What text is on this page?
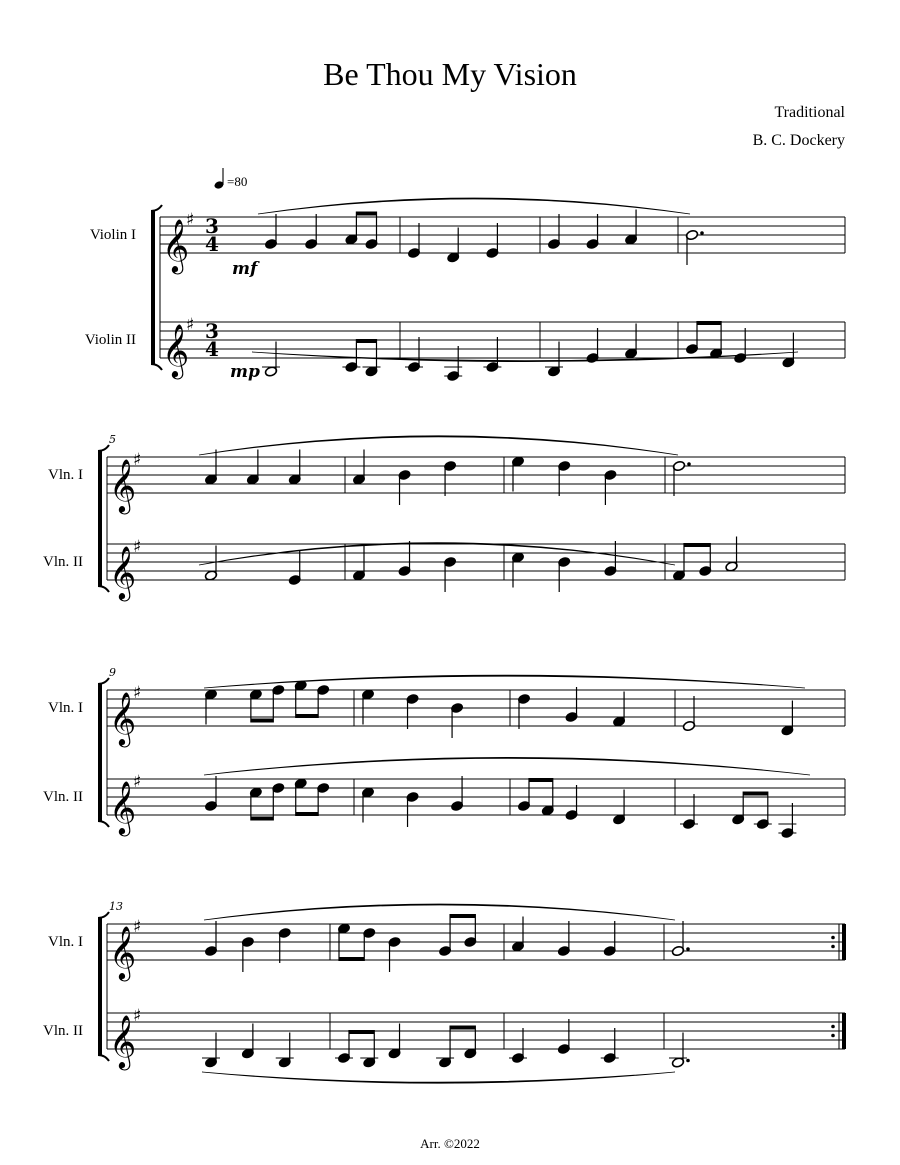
Be Thou My Vision
Traditional
B. C. Dockery
Violin I
Violin II
𝄞
♯
𝄞
♯
3
4
3
4
Vln. I
Vln. II
𝄞
♯
𝄞
♯
5
Vln. I
Vln. II
𝄞
♯
𝄞
♯
9
Vln. I
Vln. II
𝄞
♯
𝄞
♯
13
=80
mf
mp
Arr. ©2022
